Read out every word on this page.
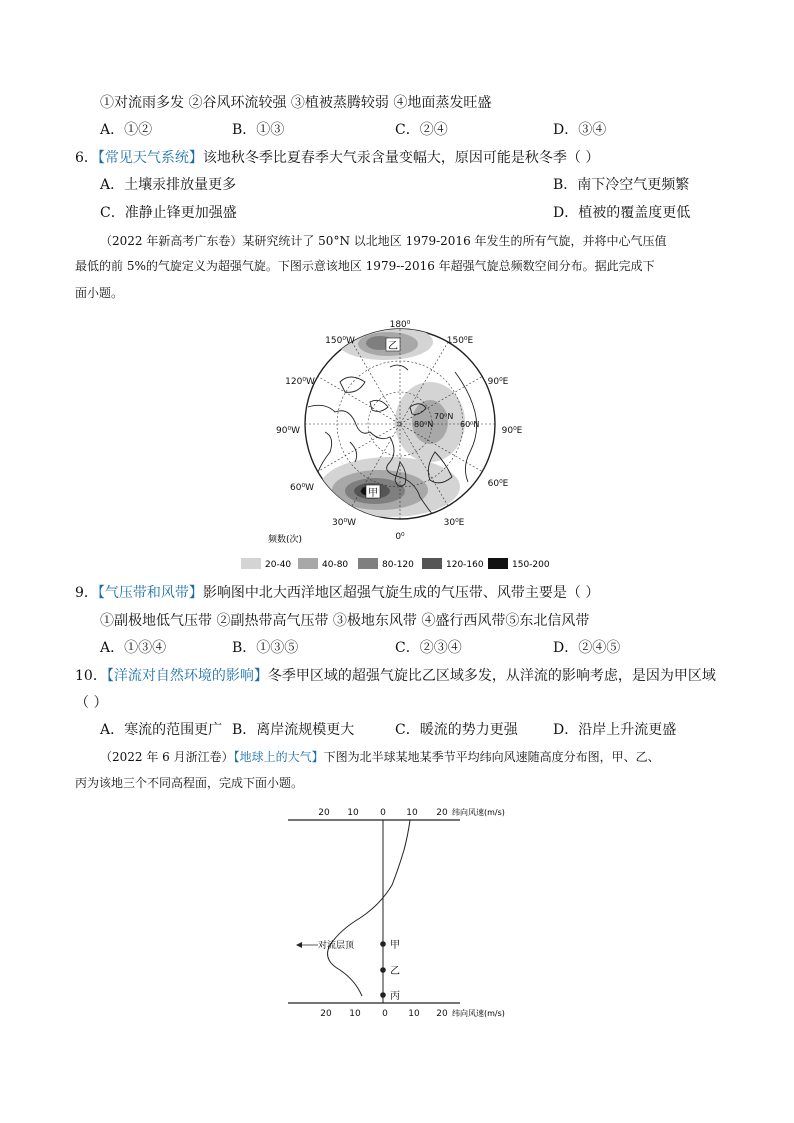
①对流雨多发 ②谷风环流较强 ③植被蒸腾较弱 ④地面蒸发旺盛
A．①②	B．①③	C．②④	D．③④
6．【常见天气系统】该地秋冬季比夏春季大气汞含量变幅大，原因可能是秋冬季（ ）
A．土壤汞排放量更多	B．南下冷空气更频繁
C．准静止锋更加强盛	D．植被的覆盖度更低
（2022 年新高考广东卷）某研究统计了 50°N 以北地区 1979-2016 年发生的所有气旋，并将中心气压值
最低的前 5%的气旋定义为超强气旋。下图示意该地区 1979--2016 年超强气旋总频数空间分布。据此完成下
面小题。
180⁰
150⁰W	150⁰E
120⁰W	90⁰E
90⁰W	90⁰E
60⁰W	60⁰E
30⁰W	30⁰E
0⁰
70⁰N
80⁰N	60⁰N
乙
甲
频数(次)
20-40	40-80	80-120	120-160	150-200
9．【气压带和风带】影响图中北大西洋地区超强气旋生成的气压带、风带主要是（ ）
①副极地低气压带 ②副热带高气压带 ③极地东风带 ④盛行西风带⑤东北信风带
A．①③④	B．①③⑤	C．②③④	D．②④⑤
10．【洋流对自然环境的影响】冬季甲区域的超强气旋比乙区域多发，从洋流的影响考虑，是因为甲区域
（ ）
A．寒流的范围更广 B．离岸流规模更大	C．暖流的势力更强	D．沿岸上升流更盛
（2022 年 6 月浙江卷）【地球上的大气】下图为北半球某地某季节平均纬向风速随高度分布图，甲、乙、
丙为该地三个不同高程面，完成下面小题。
20 10 0 10 20 纬向风速(m/s)
对流层顶	甲
乙
丙
20 10 0 10 20 纬向风速(m/s)
